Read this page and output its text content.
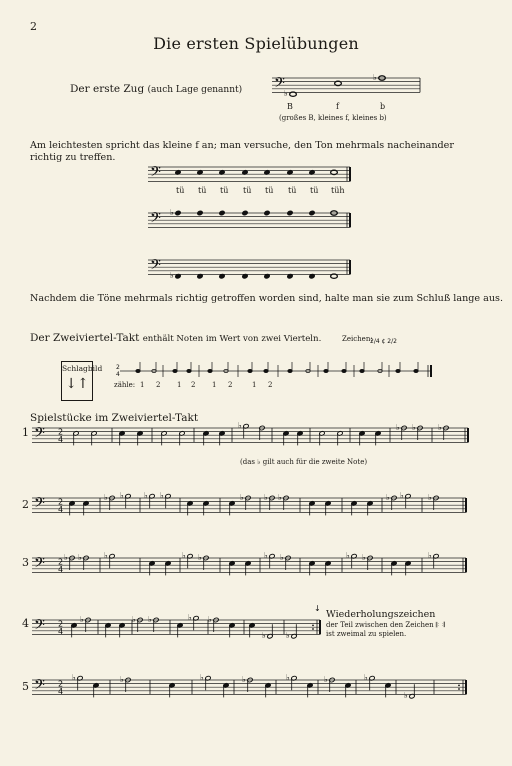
2
Die ersten Spielübungen
Der erste Zug (auch Lage genannt)
B	f	b
(großes B, kleines f, kleines b)
Am leichtesten spricht das kleine f an; man versuche, den Ton mehrmals nacheinander richtig zu treffen.
tü tü tü tü tü tü tü tüh
Nachdem die Töne mehrmals richtig getroffen worden sind, halte man sie zum Schluß lange aus.
Der Zweiviertel-Takt enthält Noten im Wert von zwei Vierteln.	Zeichen:
Schlagbild
↓↑	zähle: 1 2 1 2 1 2	1 2
Spielstücke im Zweiviertel-Takt
1
2
3
4
5
(das ♭ gilt auch für die zweite Note)
Wiederholungszeichen
der Teil zwischen den Zeichen 𝄆 𝄇
ist zweimal zu spielen.
𝄢 ♭
♭
𝄢
𝄢 ♭
𝄢 ♭
2/4 ¢ 2/2
2
4
𝄢 2
4
♭	♭ ♭	♭
𝄢 2
4
♭ ♭	♭ ♭	♭	♭ ♭	♭ ♭	♭
𝄢 2
4
♭ ♭	♭	♭ ♭	♭ ♭	♭ ♭	♭
𝄢 2
4
♭	♭ ♭	♭ ♭
♭	♭
↓
𝄢 2
4
♭	♭	♭	♭	♭	♭	♭
♭
